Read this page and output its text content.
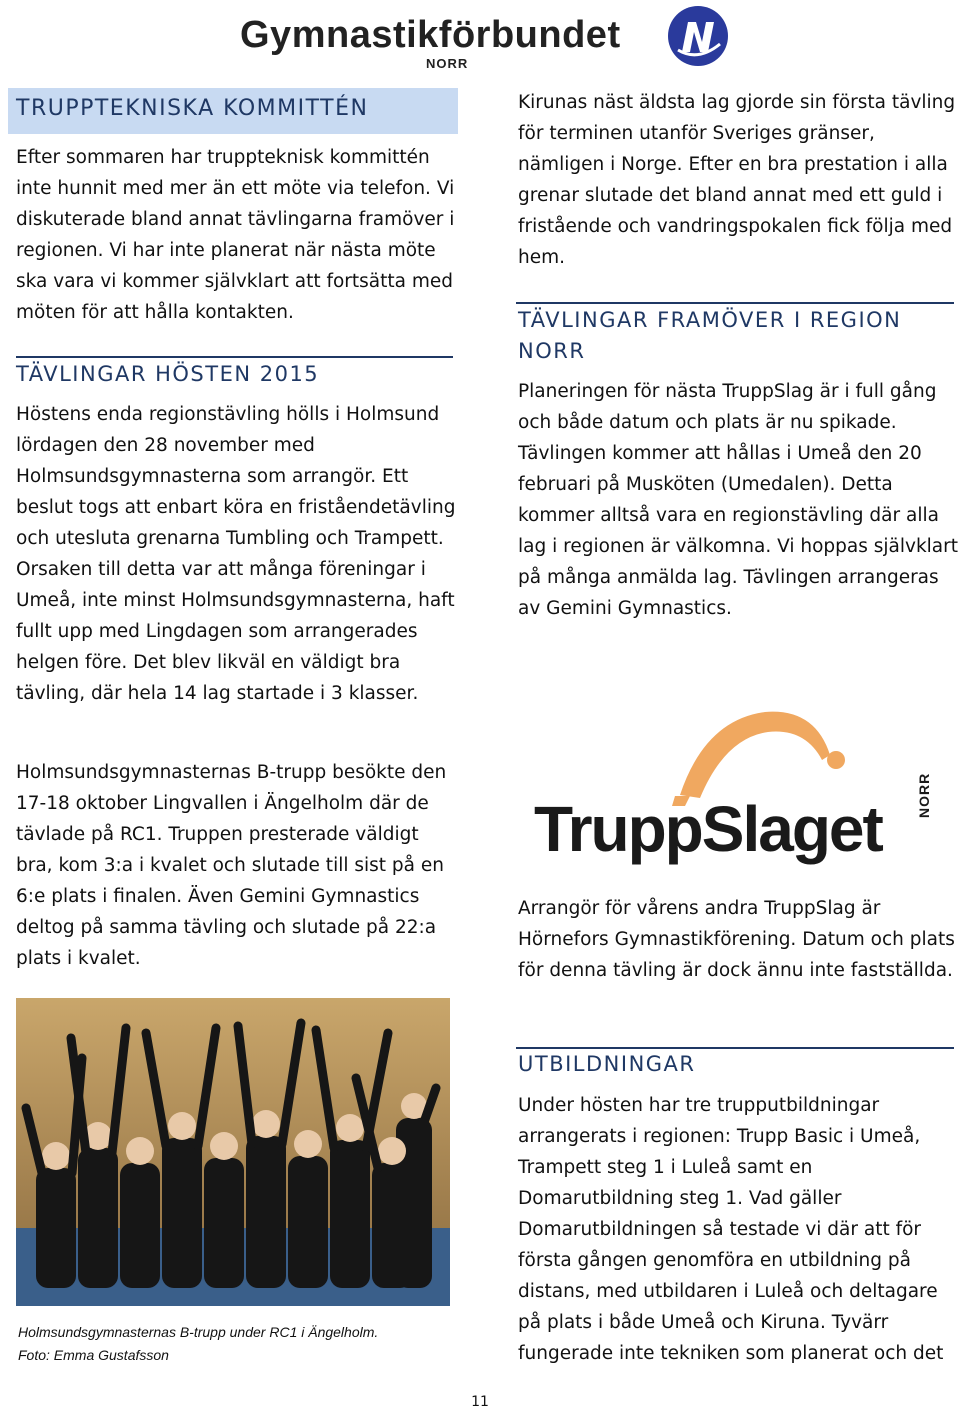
Gymnastikförbundet
NORR
TRUPPTEKNISKA KOMMITTÉN
Efter sommaren har truppteknisk kommittén inte hunnit med mer än ett möte via telefon. Vi diskuterade bland annat tävlingarna framöver i regionen. Vi har inte planerat när nästa möte ska vara vi kommer självklart att fortsätta med möten för att hålla kontakten.
TÄVLINGAR HÖSTEN 2015
Höstens enda regionstävling hölls i Holmsund lördagen den 28 november med Holmsundsgymnasterna som arrangör. Ett beslut togs att enbart köra en friståendetävling och utesluta grenarna Tumbling och Trampett. Orsaken till detta var att många föreningar i Umeå, inte minst Holmsundsgymnasterna, haft fullt upp med Lingdagen som arrangerades helgen före. Det blev likväl en väldigt bra tävling, där hela 14 lag startade i 3 klasser.
Holmsundsgymnasternas B-trupp besökte den 17-18 oktober Lingvallen i Ängelholm där de tävlade på RC1. Truppen presterade väldigt bra, kom 3:a i kvalet och slutade till sist på en 6:e plats i finalen. Även Gemini Gymnastics deltog på samma tävling och slutade på 22:a plats i kvalet.
Holmsundsgymnasternas B-trupp under RC1 i Ängelholm.
Foto: Emma Gustafsson
Kirunas näst äldsta lag gjorde sin första tävling för terminen utanför Sveriges gränser, nämligen i Norge. Efter en bra prestation i alla grenar slutade det bland annat med ett guld i fristående och vandringspokalen fick följa med hem.
TÄVLINGAR FRAMÖVER I REGION
NORR
Planeringen för nästa TruppSlag är i full gång och både datum och plats är nu spikade. Tävlingen kommer att hållas i Umeå den 20 februari på Musköten (Umedalen). Detta kommer alltså vara en regionstävling där alla lag i regionen är välkomna. Vi hoppas självklart på många anmälda lag. Tävlingen arrangeras av Gemini Gymnastics.
TruppSlaget NORR
Arrangör för vårens andra TruppSlag är Hörnefors Gymnastikförening. Datum och plats för denna tävling är dock ännu inte fastställda.
UTBILDNINGAR
Under hösten har tre trupputbildningar arrangerats i regionen: Trupp Basic i Umeå, Trampett steg 1 i Luleå samt en Domarutbildning steg 1. Vad gäller Domarutbildningen så testade vi där att för första gången genomföra en utbildning på distans, med utbildaren i Luleå och deltagare på plats i både Umeå och Kiruna. Tyvärr fungerade inte tekniken som planerat och det
11
